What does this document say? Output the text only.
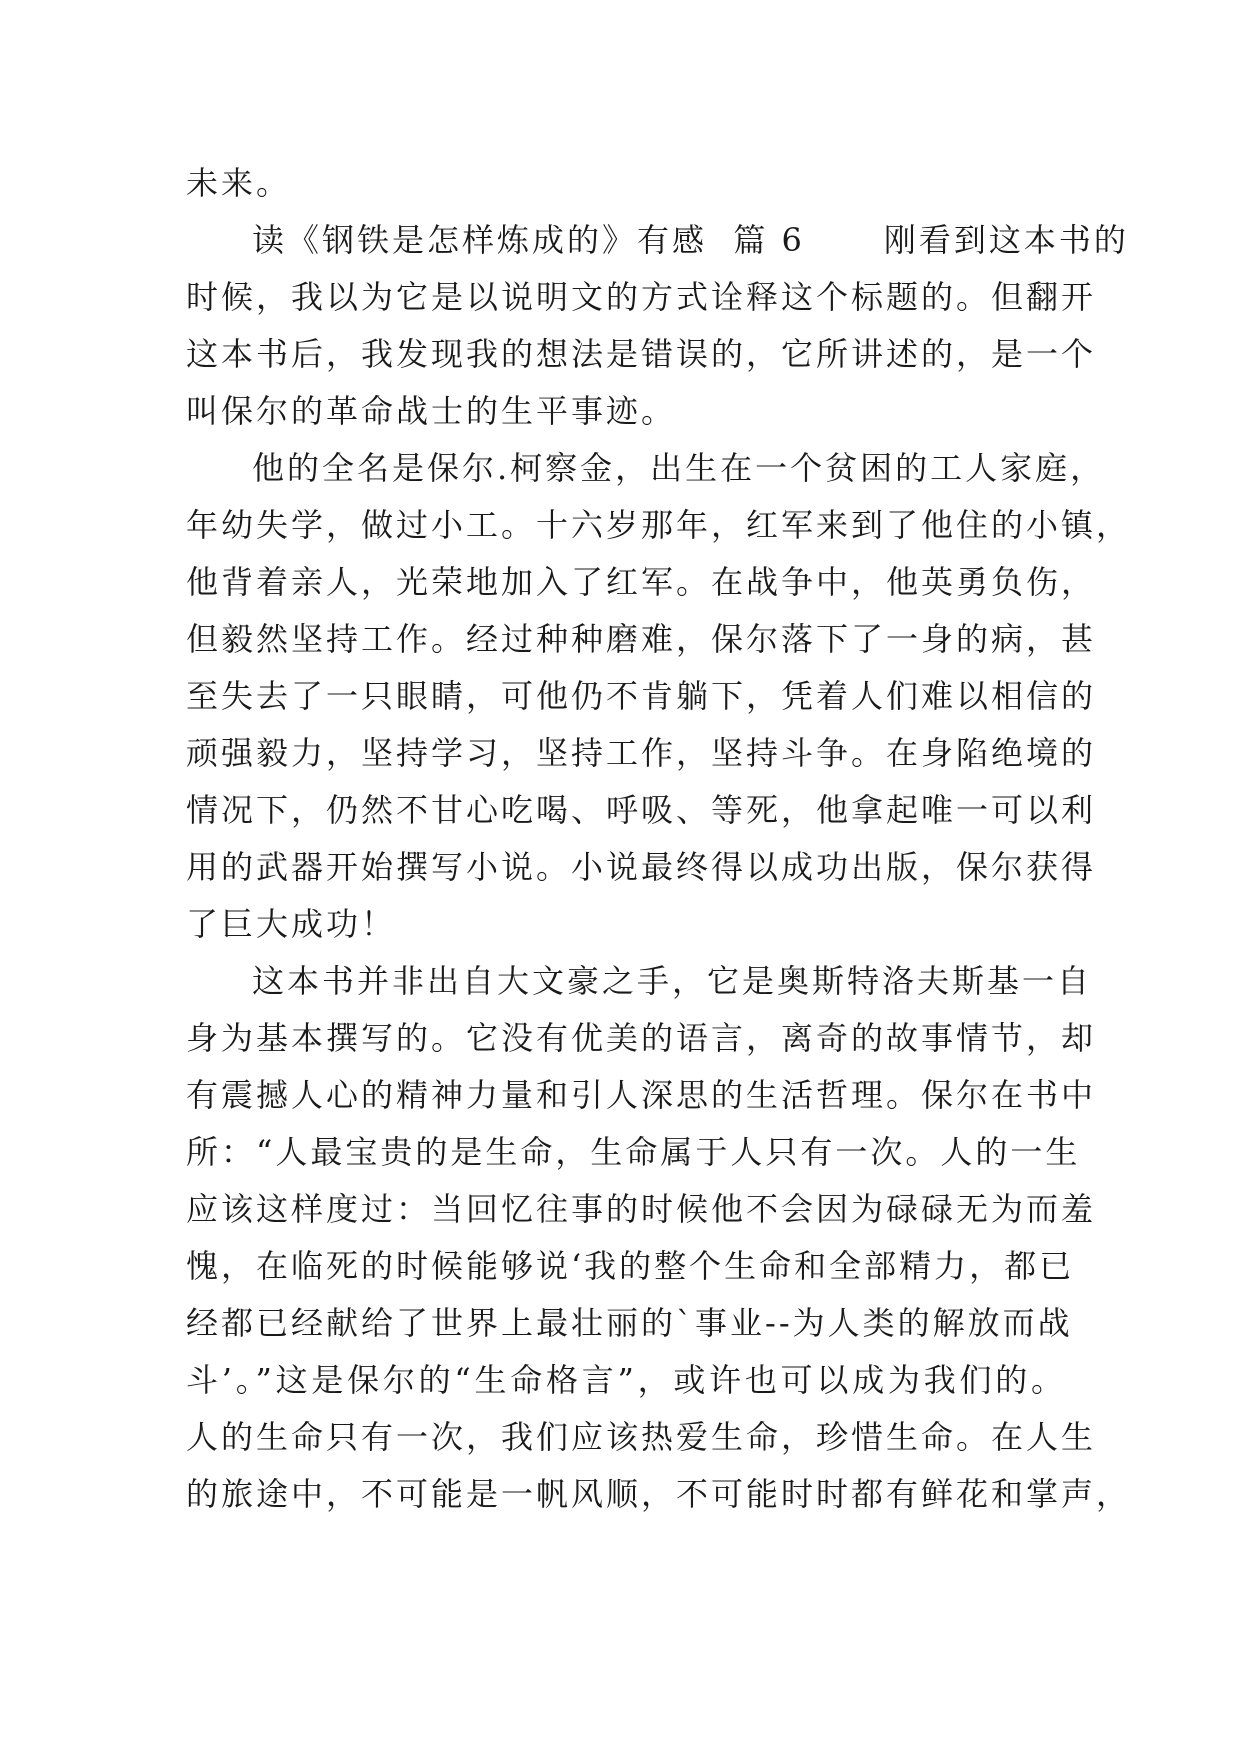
未来。
读《钢铁是怎样炼成的》有感  篇 6      刚看到这本书的
时候，我以为它是以说明文的方式诠释这个标题的。但翻开
这本书后，我发现我的想法是错误的，它所讲述的，是一个
叫保尔的革命战士的生平事迹。
他的全名是保尔.柯察金，出生在一个贫困的工人家庭，
年幼失学，做过小工。十六岁那年，红军来到了他住的小镇，
他背着亲人，光荣地加入了红军。在战争中，他英勇负伤，
但毅然坚持工作。经过种种磨难，保尔落下了一身的病，甚
至失去了一只眼睛，可他仍不肯躺下，凭着人们难以相信的
顽强毅力，坚持学习，坚持工作，坚持斗争。在身陷绝境的
情况下，仍然不甘心吃喝、呼吸、等死，他拿起唯一可以利
用的武器开始撰写小说。小说最终得以成功出版，保尔获得
了巨大成功！
这本书并非出自大文豪之手，它是奥斯特洛夫斯基一自
身为基本撰写的。它没有优美的语言，离奇的故事情节，却
有震撼人心的精神力量和引人深思的生活哲理。保尔在书中
所：“人最宝贵的是生命，生命属于人只有一次。人的一生
应该这样度过：当回忆往事的时候他不会因为碌碌无为而羞
愧，在临死的时候能够说‘我的整个生命和全部精力，都已
经都已经献给了世界上最壮丽的`事业--为人类的解放而战
斗’。”这是保尔的“生命格言”，或许也可以成为我们的。
人的生命只有一次，我们应该热爱生命，珍惜生命。在人生
的旅途中，不可能是一帆风顺，不可能时时都有鲜花和掌声，
